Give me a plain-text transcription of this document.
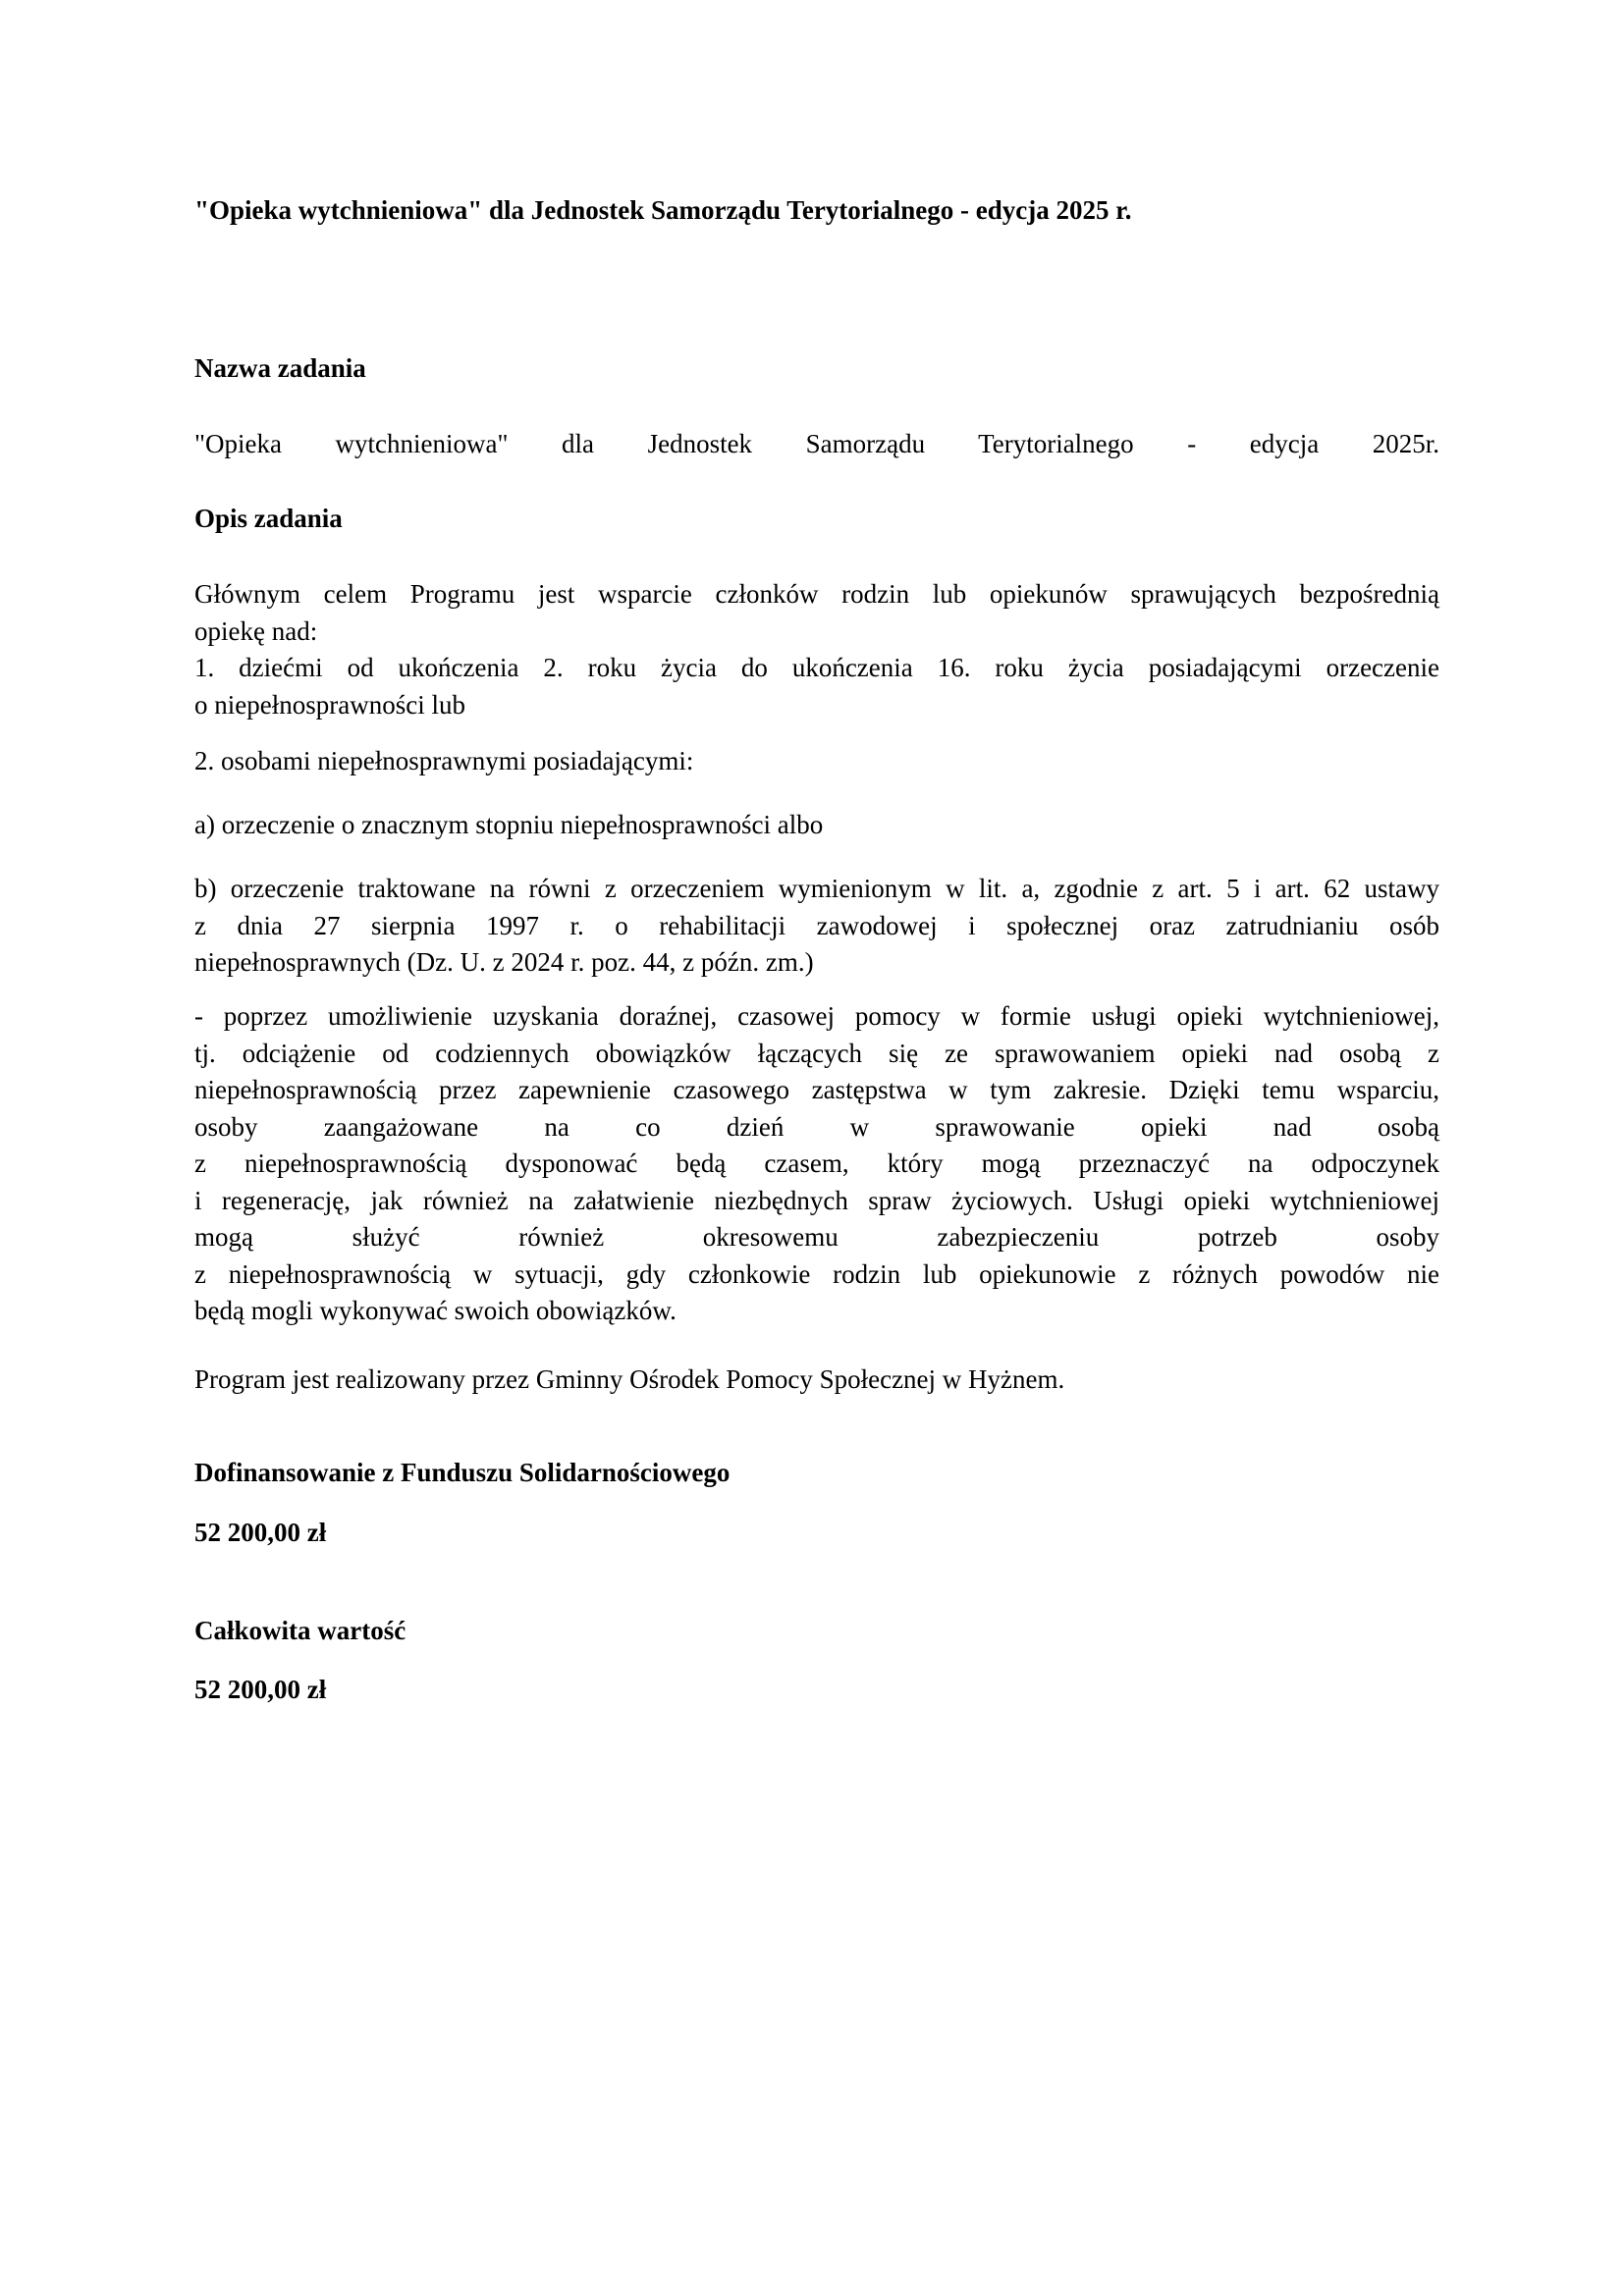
"Opieka wytchnieniowa" dla Jednostek Samorządu Terytorialnego - edycja 2025 r.
Nazwa zadania
"Opieka wytchnieniowa" dla Jednostek Samorządu Terytorialnego - edycja 2025r.
Opis zadania
Głównym celem Programu jest wsparcie członków rodzin lub opiekunów sprawujących bezpośrednią
opiekę nad:
1. dziećmi od ukończenia 2. roku życia do ukończenia 16. roku życia posiadającymi orzeczenie
o niepełnosprawności lub
2. osobami niepełnosprawnymi posiadającymi:
a) orzeczenie o znacznym stopniu niepełnosprawności albo
b) orzeczenie traktowane na równi z orzeczeniem wymienionym w lit. a, zgodnie z art. 5 i art. 62 ustawy
z dnia 27 sierpnia 1997 r. o rehabilitacji zawodowej i społecznej oraz zatrudnianiu osób
niepełnosprawnych (Dz. U. z 2024 r. poz. 44, z późn. zm.)
- poprzez umożliwienie uzyskania doraźnej, czasowej pomocy w formie usługi opieki wytchnieniowej,
tj. odciążenie od codziennych obowiązków łączących się ze sprawowaniem opieki nad osobą z
niepełnosprawnością przez zapewnienie czasowego zastępstwa w tym zakresie. Dzięki temu wsparciu,
osoby zaangażowane na co dzień w sprawowanie opieki nad osobą
z niepełnosprawnością dysponować będą czasem, który mogą przeznaczyć na odpoczynek
i regenerację, jak również na załatwienie niezbędnych spraw życiowych. Usługi opieki wytchnieniowej
mogą służyć również okresowemu zabezpieczeniu potrzeb osoby
z niepełnosprawnością w sytuacji, gdy członkowie rodzin lub opiekunowie z różnych powodów nie
będą mogli wykonywać swoich obowiązków.
Program jest realizowany przez Gminny Ośrodek Pomocy Społecznej w Hyżnem.
Dofinansowanie z Funduszu Solidarnościowego
52 200,00 zł
Całkowita wartość
52 200,00 zł
